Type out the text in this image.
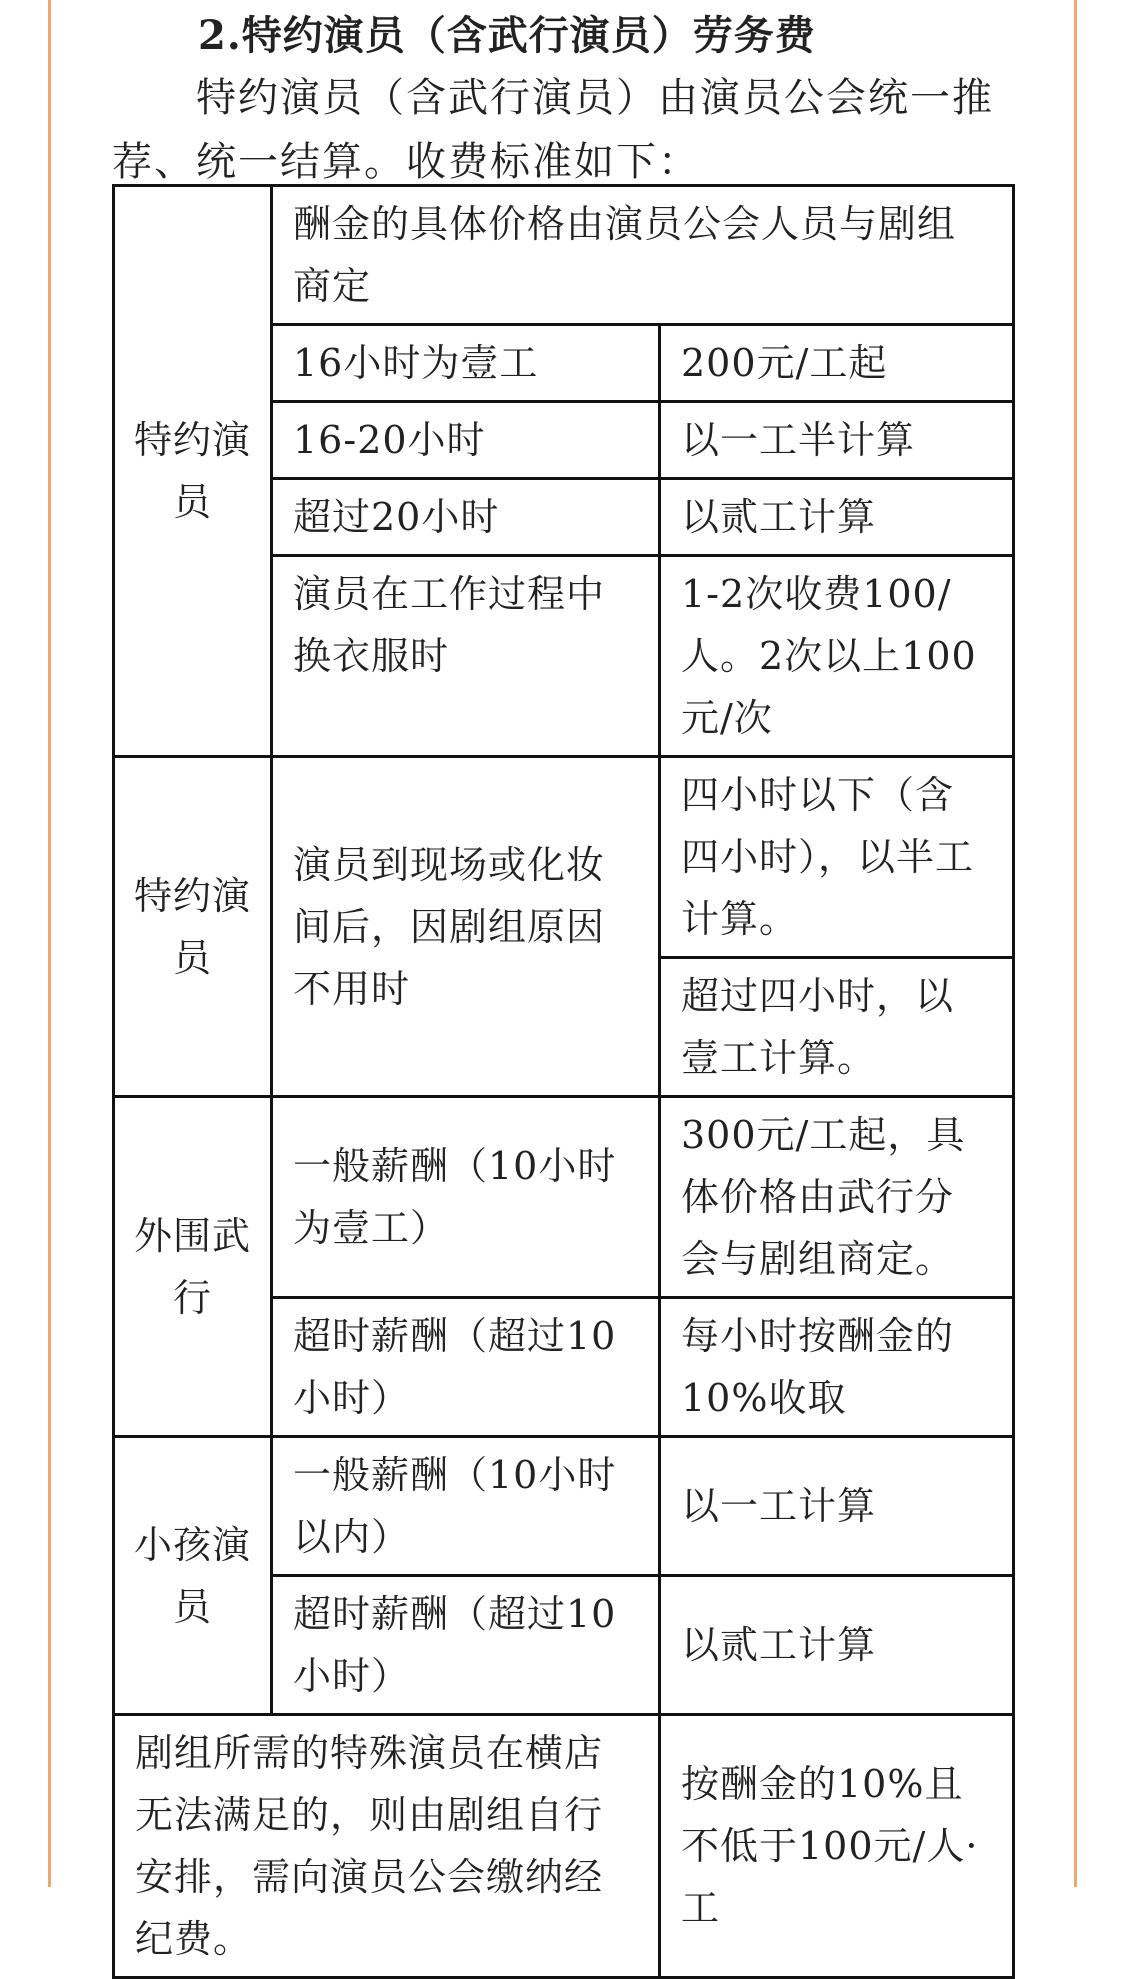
2.特约演员（含武行演员）劳务费

特约演员（含武行演员）由演员公会统一推荐、统一结算。收费标准如下：

特约演员	酬金的具体价格由演员公会人员与剧组商定	
	16小时为壹工	200元/工起
	16-20小时	以一工半计算
	超过20小时	以贰工计算
	演员在工作过程中换衣服时	1-2次收费100/人。2次以上100元/次
特约演员	演员到现场或化妆间后，因剧组原因不用时	四小时以下（含四小时），以半工计算。
		超过四小时，以壹工计算。
外围武行	一般薪酬（10小时为壹工）	300元/工起，具体价格由武行分会与剧组商定。
	超时薪酬（超过10小时）	每小时按酬金的10%收取
小孩演员	一般薪酬（10小时以内）	以一工计算
	超时薪酬（超过10小时）	以贰工计算
剧组所需的特殊演员在横店无法满足的，则由剧组自行安排，需向演员公会缴纳经纪费。		按酬金的10%且不低于100元/人·工
